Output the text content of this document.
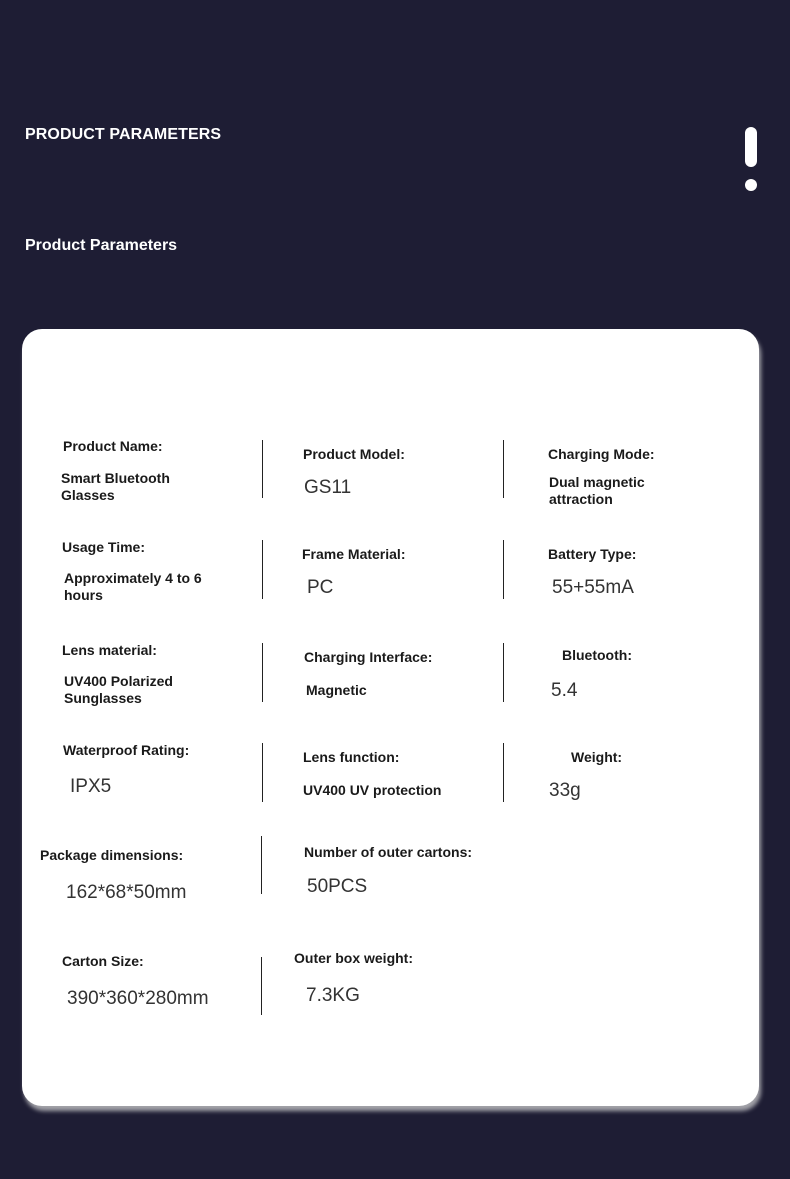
PRODUCT PARAMETERS
Product Parameters
Product Name:
Smart Bluetooth Glasses
Product Model:
GS11
Charging Mode:
Dual magnetic attraction
Usage Time:
Approximately 4 to 6 hours
Frame Material:
PC
Battery Type:
55+55mA
Lens material:
UV400 Polarized Sunglasses
Charging Interface:
Magnetic
Bluetooth:
5.4
Waterproof Rating:
IPX5
Lens function:
UV400 UV protection
Weight:
33g
Package dimensions:
162*68*50mm
Number of outer cartons:
50PCS
Carton Size:
390*360*280mm
Outer box weight:
7.3KG
